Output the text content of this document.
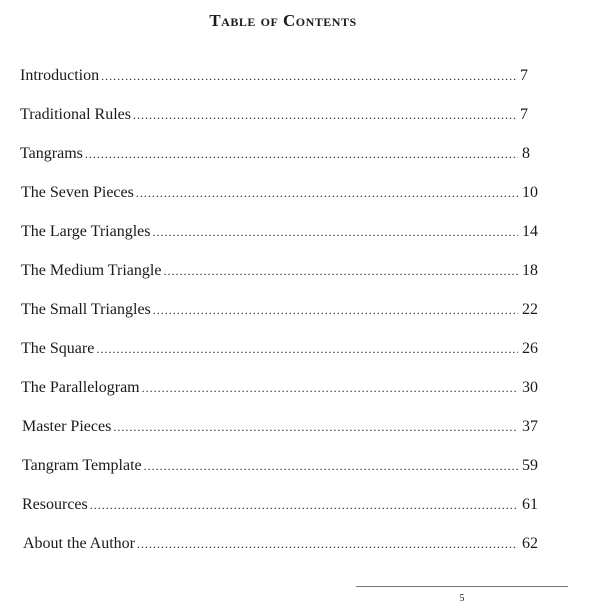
Table of Contents
Introduction .....	7
Traditional Rules .....	7
Tangrams .....	8
The Seven Pieces .....	10
The Large Triangles .....	14
The Medium Triangle .....	18
The Small Triangles .....	22
The Square .....	26
The Parallelogram .....	30
Master Pieces .....	37
Tangram Template .....	59
Resources .....	61
About the Author .....	62
5
